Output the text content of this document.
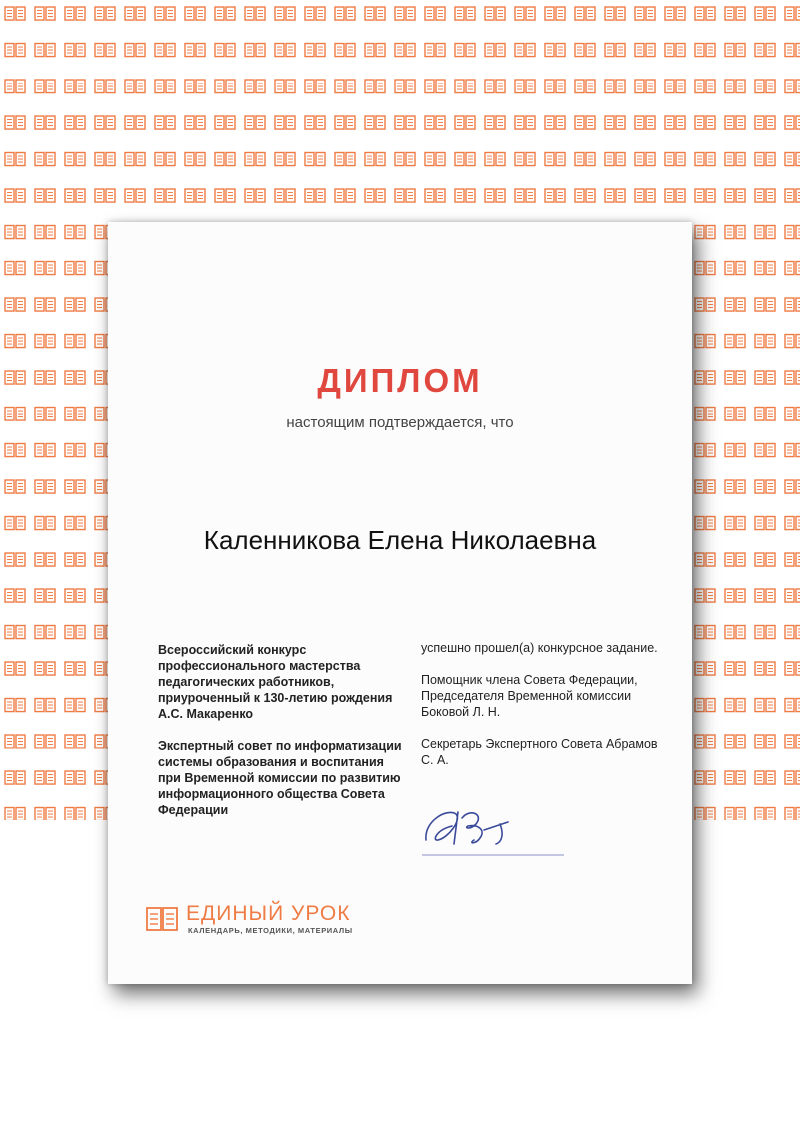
ДИПЛОМ
настоящим подтверждается, что
Каленникова Елена Николаевна

Всероссийский конкурс профессионального мастерства педагогических работников, приуроченный к 130-летию рождения А.С. Макаренко

Экспертный совет по информатизации системы образования и воспитания при Временной комиссии по развитию информационного общества Совета Федерации

успешно прошел(а) конкурсное задание.

Помощник члена Совета Федерации, Председателя Временной комиссии Боковой Л. Н.

Секретарь Экспертного Совета Абрамов С. А.

ЕДИНЫЙ УРОК
КАЛЕНДАРЬ, МЕТОДИКИ, МАТЕРИАЛЫ
